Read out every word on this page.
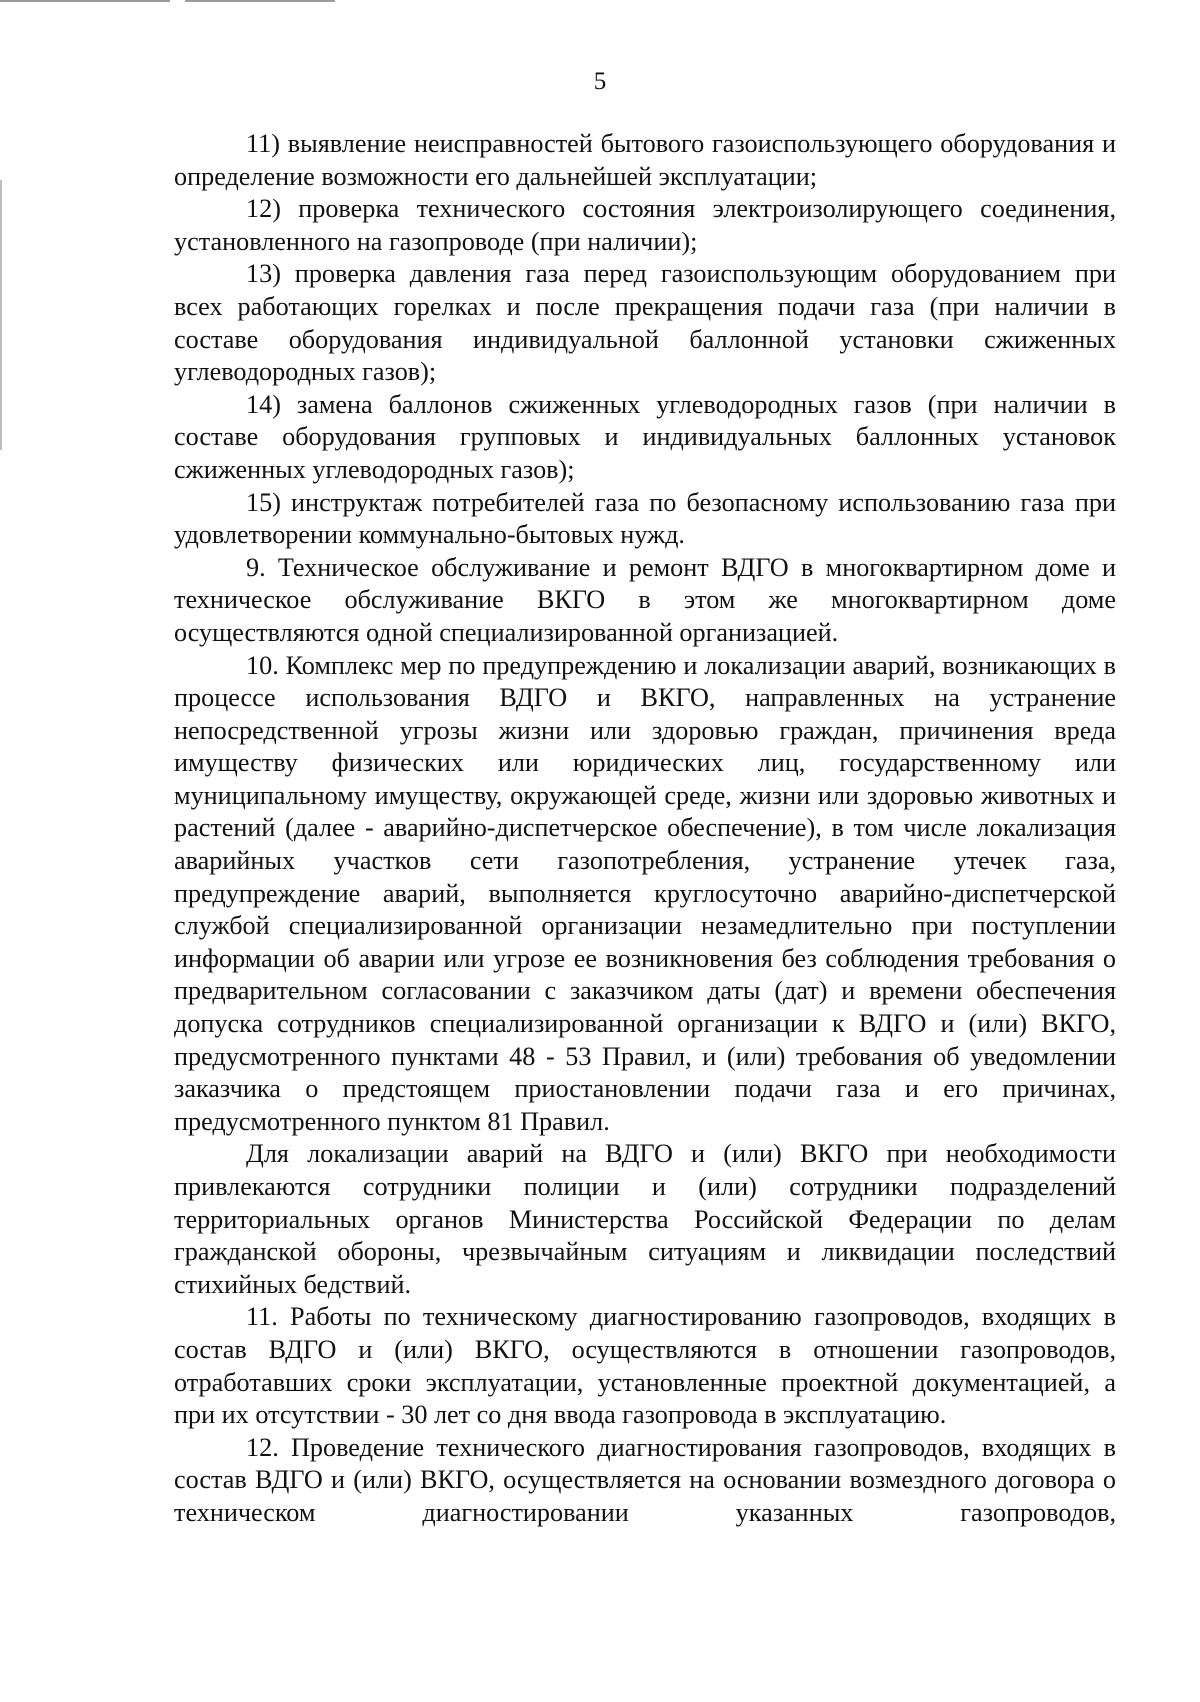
5

11) выявление неисправностей бытового газоиспользующего оборудования и определение возможности его дальнейшей эксплуатации;

12) проверка технического состояния электроизолирующего соединения, установленного на газопроводе (при наличии);

13) проверка давления газа перед газоиспользующим оборудованием при всех работающих горелках и после прекращения подачи газа (при наличии в составе оборудования индивидуальной баллонной установки сжиженных углеводородных газов);

14) замена баллонов сжиженных углеводородных газов (при наличии в составе оборудования групповых и индивидуальных баллонных установок сжиженных углеводородных газов);

15) инструктаж потребителей газа по безопасному использованию газа при удовлетворении коммунально-бытовых нужд.

9. Техническое обслуживание и ремонт ВДГО в многоквартирном доме и техническое обслуживание ВКГО в этом же многоквартирном доме осуществляются одной специализированной организацией.

10. Комплекс мер по предупреждению и локализации аварий, возникающих в процессе использования ВДГО и ВКГО, направленных на устранение непосредственной угрозы жизни или здоровью граждан, причинения вреда имуществу физических или юридических лиц, государственному или муниципальному имуществу, окружающей среде, жизни или здоровью животных и растений (далее - аварийно-диспетчерское обеспечение), в том числе локализация аварийных участков сети газопотребления, устранение утечек газа, предупреждение аварий, выполняется круглосуточно аварийно-диспетчерской службой специализированной организации незамедлительно при поступлении информации об аварии или угрозе ее возникновения без соблюдения требования о предварительном согласовании с заказчиком даты (дат) и времени обеспечения допуска сотрудников специализированной организации к ВДГО и (или) ВКГО, предусмотренного пунктами 48 - 53 Правил, и (или) требования об уведомлении заказчика о предстоящем приостановлении подачи газа и его причинах, предусмотренного пунктом 81 Правил.

Для локализации аварий на ВДГО и (или) ВКГО при необходимости привлекаются сотрудники полиции и (или) сотрудники подразделений территориальных органов Министерства Российской Федерации по делам гражданской обороны, чрезвычайным ситуациям и ликвидации последствий стихийных бедствий.

11. Работы по техническому диагностированию газопроводов, входящих в состав ВДГО и (или) ВКГО, осуществляются в отношении газопроводов, отработавших сроки эксплуатации, установленные проектной документацией, а при их отсутствии - 30 лет со дня ввода газопровода в эксплуатацию.

12. Проведение технического диагностирования газопроводов, входящих в состав ВДГО и (или) ВКГО, осуществляется на основании возмездного договора о техническом диагностировании указанных газопроводов,
